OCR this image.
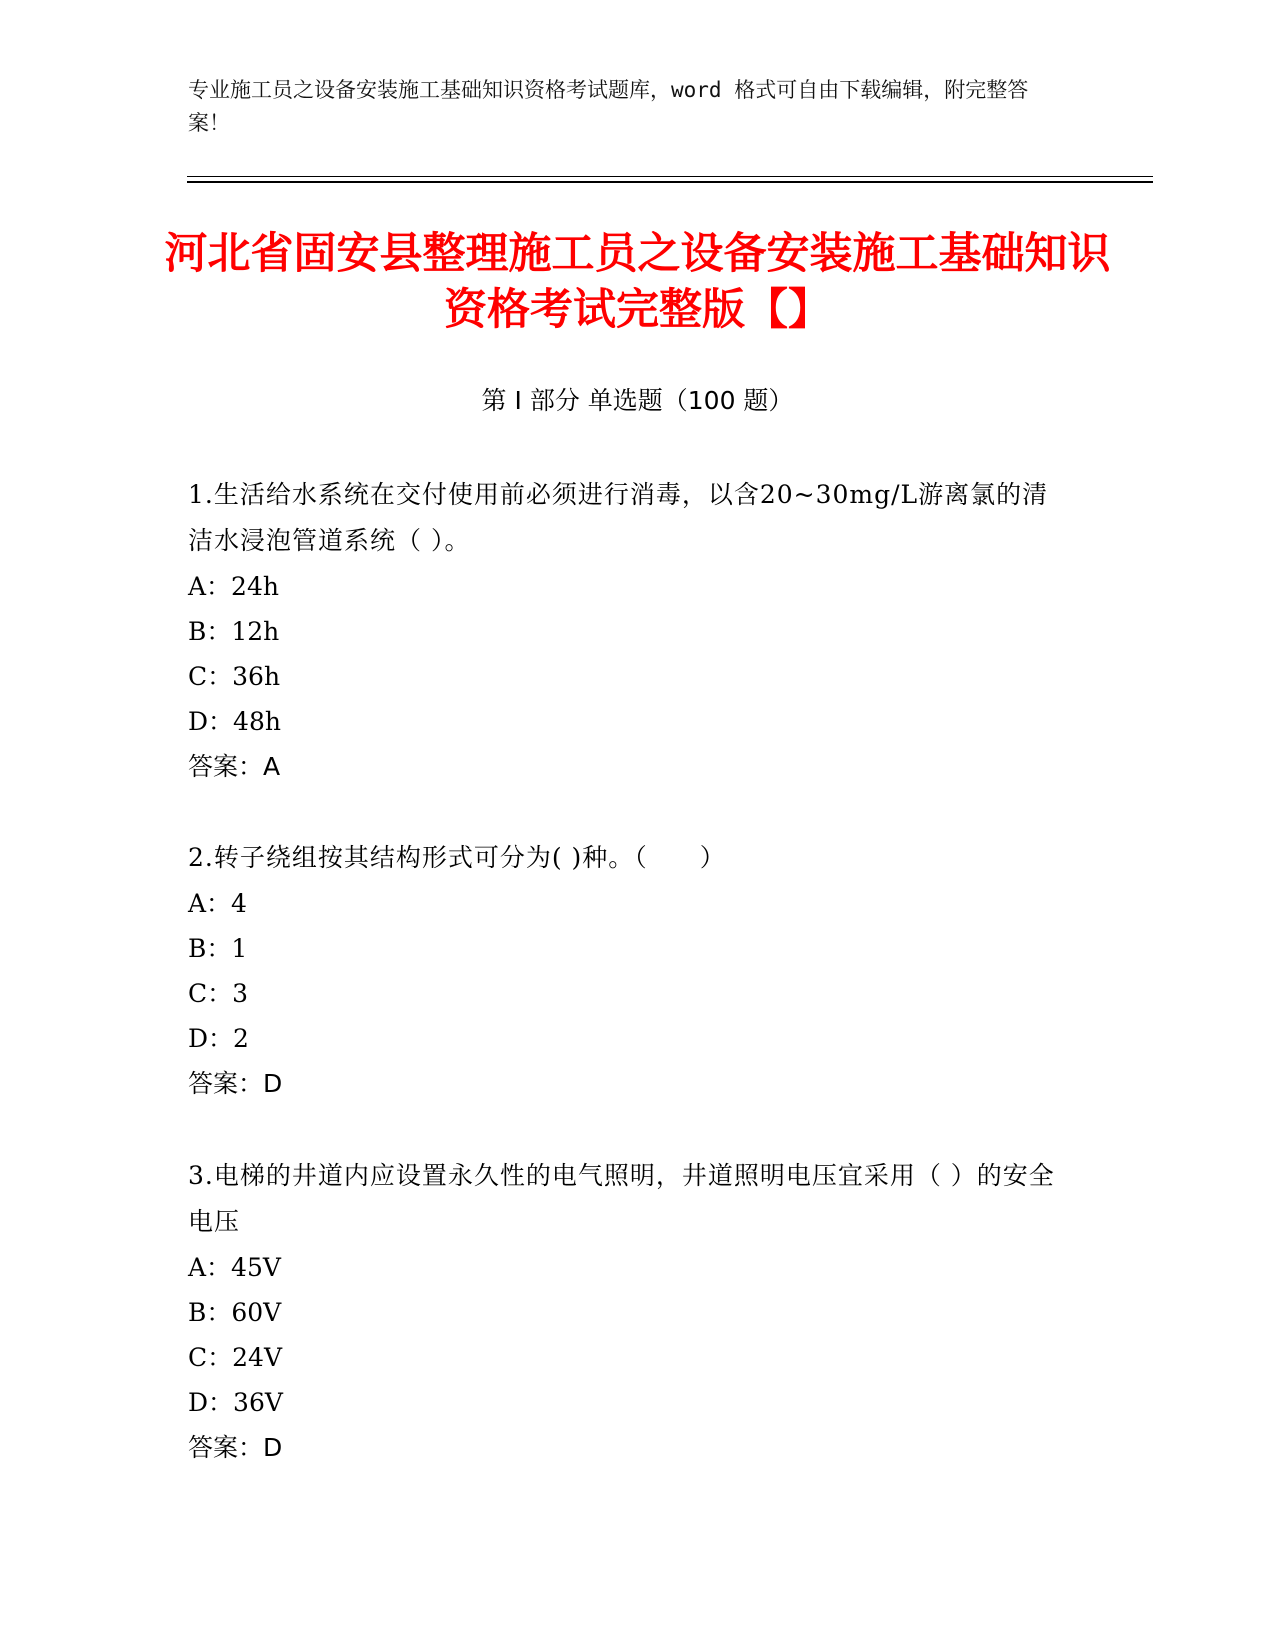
专业施工员之设备安装施工基础知识资格考试题库，word 格式可自由下载编辑，附完整答案！
河北省固安县整理施工员之设备安装施工基础知识资格考试完整版【】
第 I 部分 单选题（100 题）
1.生活给水系统在交付使用前必须进行消毒，以含20~30mg/L游离氯的清洁水浸泡管道系统（ ）。
A：24h
B：12h
C：36h
D：48h
答案：A
2.转子绕组按其结构形式可分为( )种。（　　）
A：4
B：1
C：3
D：2
答案：D
3.电梯的井道内应设置永久性的电气照明，井道照明电压宜采用（ ）的安全电压
A：45V
B：60V
C：24V
D：36V
答案：D
